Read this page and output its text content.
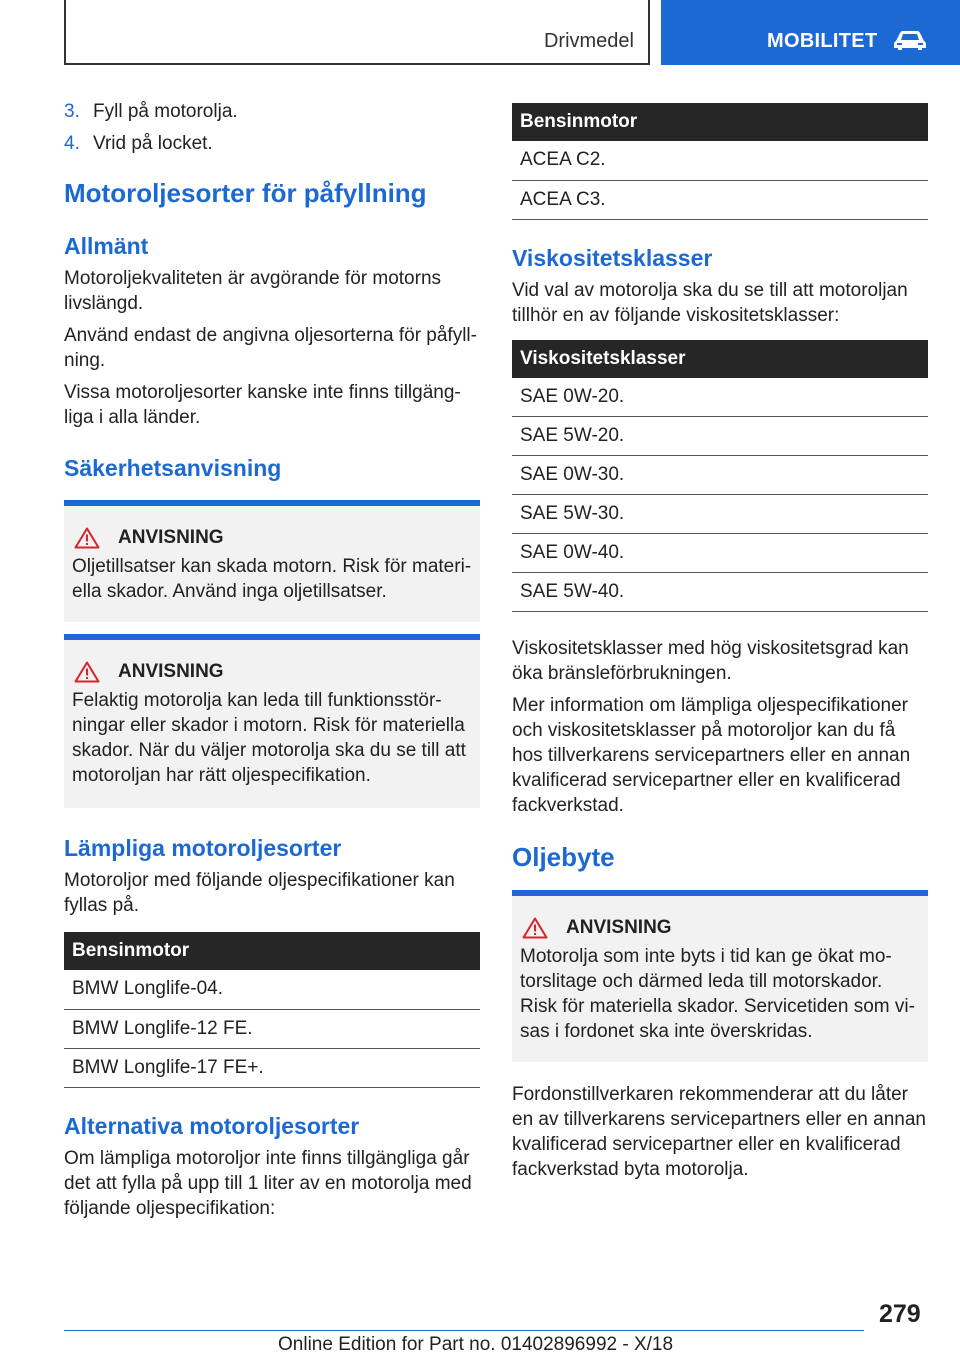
Drivmedel	MOBILITET
3. Fyll på motorolja.
4. Vrid på locket.
Motoroljesorter för påfyllning
Allmänt

Motoroljekvaliteten är avgörande för motorns livslängd.

Använd endast de angivna oljesorterna för påfyll-ning.

Vissa motoroljesorter kanske inte finns tillgäng-liga i alla länder.

Säkerhetsanvisning
ANVISNING

Oljetillsatser kan skada motorn. Risk för materi-ella skador. Använd inga oljetillsatser.

ANVISNING

Felaktig motorolja kan leda till funktionsstör-ningar eller skador i motorn. Risk för materiella skador. När du väljer motorolja ska du se till att motoroljan har rätt oljespecifikation.

Lämpliga motoroljesorter

Motoroljor med följande oljespecifikationer kan fyllas på.

Bensinmotor
BMW Longlife-04.
BMW Longlife-12 FE.
BMW Longlife-17 FE+.
Alternativa motoroljesorter

Om lämpliga motoroljor inte finns tillgängliga går det att fylla på upp till 1 liter av en motorolja med följande oljespecifikation:

Bensinmotor
ACEA C2.
ACEA C3.
Viskositetsklasser

Vid val av motorolja ska du se till att motoroljan tillhör en av följande viskositetsklasser:

Viskositetsklasser
SAE 0W-20.
SAE 5W-20.
SAE 0W-30.
SAE 5W-30.
SAE 0W-40.
SAE 5W-40.

Viskositetsklasser med hög viskositetsgrad kan öka bränsleförbrukningen.

Mer information om lämpliga oljespecifikationer och viskositetsklasser på motoroljor kan du få hos tillverkarens servicepartners eller en annan kvalificerad servicepartner eller en kvalificerad fackverkstad.

Oljebyte
ANVISNING

Motorolja som inte byts i tid kan ge ökat mo-torslitage och därmed leda till motorskador. Risk för materiella skador. Servicetiden som vi-sas i fordonet ska inte överskridas.

Fordonstillverkaren rekommenderar att du låter en av tillverkarens servicepartners eller en annan kvalificerad servicepartner eller en kvalificerad fackverkstad byta motorolja.

279
Online Edition for Part no. 01402896992 - X/18
